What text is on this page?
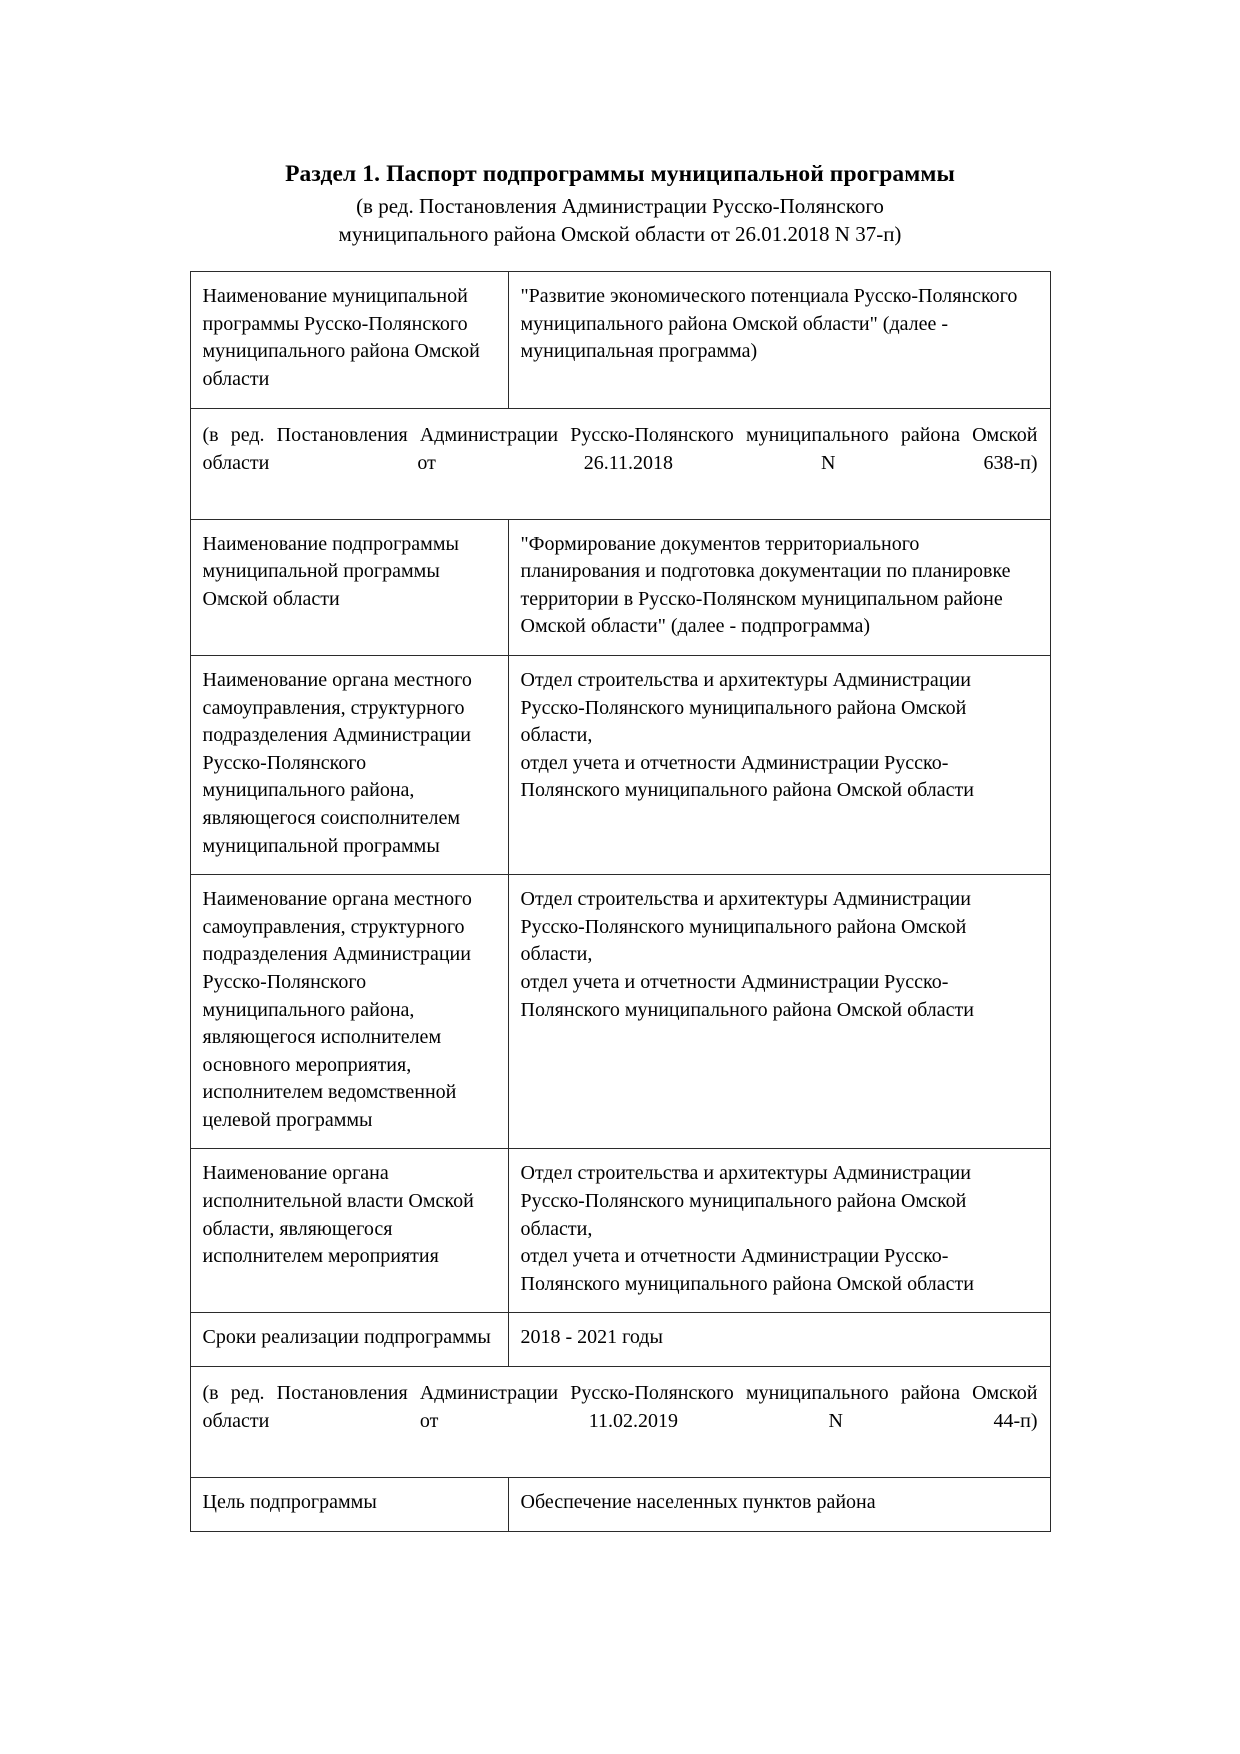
Раздел 1. Паспорт подпрограммы муниципальной программы
(в ред. Постановления Администрации Русско-Полянского
муниципального района Омской области от 26.01.2018 N 37-п)
Наименование муниципальной программы Русско-Полянского муниципального района Омской области	"Развитие экономического потенциала Русско-Полянского муниципального района Омской области" (далее - муниципальная программа)

(в ред. Постановления Администрации Русско-Полянского муниципального района Омской области от 26.11.2018 N 638-п)	

Наименование подпрограммы муниципальной программы Омской области	"Формирование документов территориального планирования и подготовка документации по планировке территории в Русско-Полянском муниципальном районе Омской области" (далее - подпрограмма)

Наименование органа местного самоуправления, структурного подразделения Администрации Русско-Полянского муниципального района, являющегося соисполнителем муниципальной программы	Отдел строительства и архитектуры Администрации Русско-Полянского муниципального района Омской области,
отдел учета и отчетности Администрации Русско-Полянского муниципального района Омской области

Наименование органа местного самоуправления, структурного подразделения Администрации Русско-Полянского муниципального района, являющегося исполнителем основного мероприятия, исполнителем ведомственной целевой программы	Отдел строительства и архитектуры Администрации Русско-Полянского муниципального района Омской области,
отдел учета и отчетности Администрации Русско-Полянского муниципального района Омской области

Наименование органа исполнительной власти Омской области, являющегося исполнителем мероприятия	Отдел строительства и архитектуры Администрации Русско-Полянского муниципального района Омской области,
отдел учета и отчетности Администрации Русско-Полянского муниципального района Омской области

Сроки реализации подпрограммы	2018 - 2021 годы

(в ред. Постановления Администрации Русско-Полянского муниципального района Омской области от 11.02.2019 N 44-п)	

Цель подпрограммы	Обеспечение населенных пунктов района
